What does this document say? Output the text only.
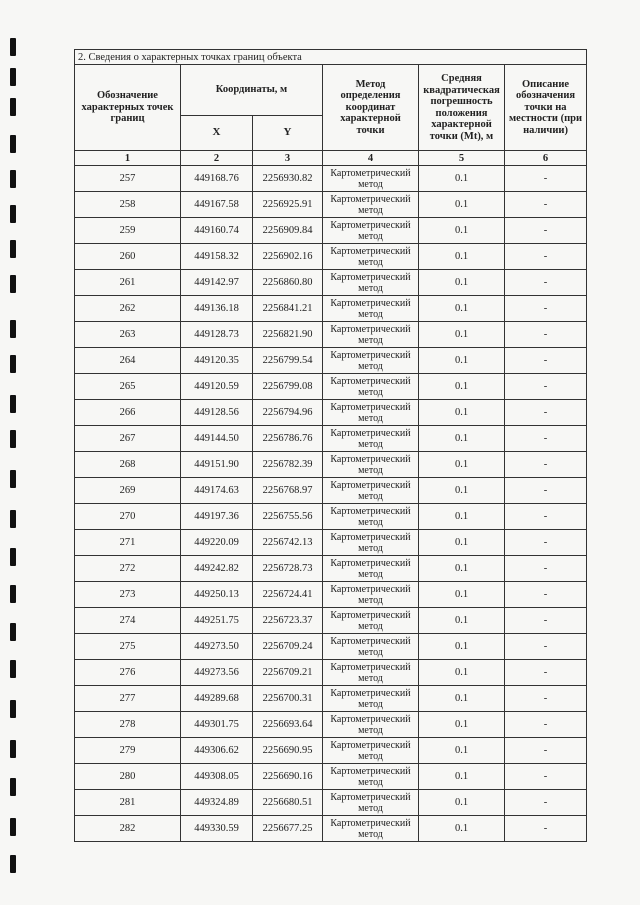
2. Сведения о характерных точках границ объекта					
Обозначение характерных точек границ	Координаты, м		Метод определения координат характерной точки	Средняя квадратическая погрешность положения характерной точки (Mt), м	Описание обозначения точки на местности (при наличии)
	X	Y			
1	2	3	4	5	6
257	449168.76	2256930.82	Картометрический метод	0.1	-
258	449167.58	2256925.91	Картометрический метод	0.1	-
259	449160.74	2256909.84	Картометрический метод	0.1	-
260	449158.32	2256902.16	Картометрический метод	0.1	-
261	449142.97	2256860.80	Картометрический метод	0.1	-
262	449136.18	2256841.21	Картометрический метод	0.1	-
263	449128.73	2256821.90	Картометрический метод	0.1	-
264	449120.35	2256799.54	Картометрический метод	0.1	-
265	449120.59	2256799.08	Картометрический метод	0.1	-
266	449128.56	2256794.96	Картометрический метод	0.1	-
267	449144.50	2256786.76	Картометрический метод	0.1	-
268	449151.90	2256782.39	Картометрический метод	0.1	-
269	449174.63	2256768.97	Картометрический метод	0.1	-
270	449197.36	2256755.56	Картометрический метод	0.1	-
271	449220.09	2256742.13	Картометрический метод	0.1	-
272	449242.82	2256728.73	Картометрический метод	0.1	-
273	449250.13	2256724.41	Картометрический метод	0.1	-
274	449251.75	2256723.37	Картометрический метод	0.1	-
275	449273.50	2256709.24	Картометрический метод	0.1	-
276	449273.56	2256709.21	Картометрический метод	0.1	-
277	449289.68	2256700.31	Картометрический метод	0.1	-
278	449301.75	2256693.64	Картометрический метод	0.1	-
279	449306.62	2256690.95	Картометрический метод	0.1	-
280	449308.05	2256690.16	Картометрический метод	0.1	-
281	449324.89	2256680.51	Картометрический метод	0.1	-
282	449330.59	2256677.25	Картометрический метод	0.1	-
